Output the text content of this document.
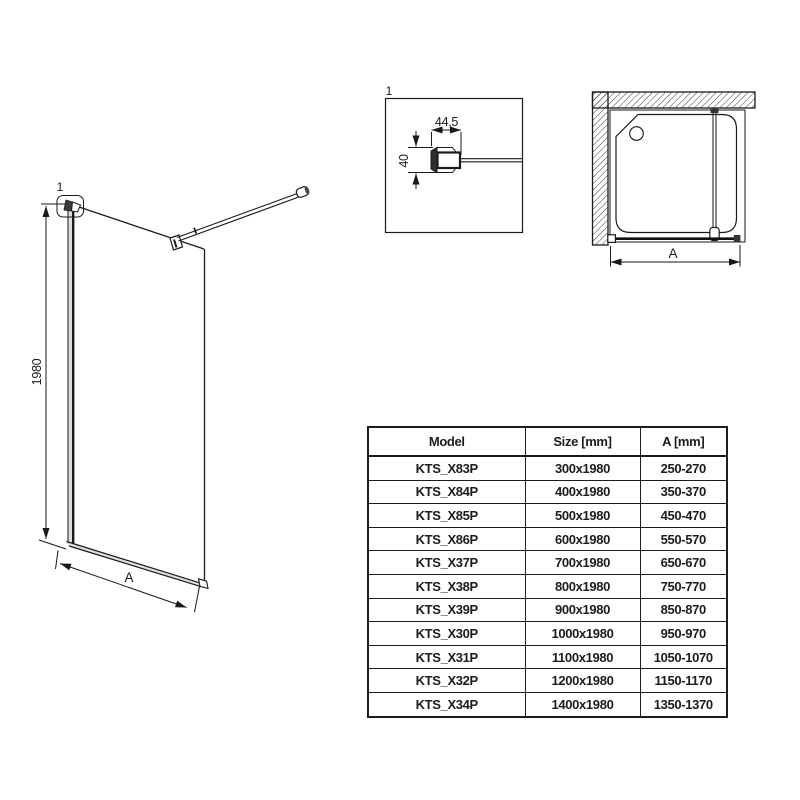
1980
1
A
1
44,5
40
A
Model	Size [mm]	A [mm]
KTS_X83P	300x1980	250-270
KTS_X84P	400x1980	350-370
KTS_X85P	500x1980	450-470
KTS_X86P	600x1980	550-570
KTS_X37P	700x1980	650-670
KTS_X38P	800x1980	750-770
KTS_X39P	900x1980	850-870
KTS_X30P	1000x1980	950-970
KTS_X31P	1100x1980	1050-1070
KTS_X32P	1200x1980	1150-1170
KTS_X34P	1400x1980	1350-1370
